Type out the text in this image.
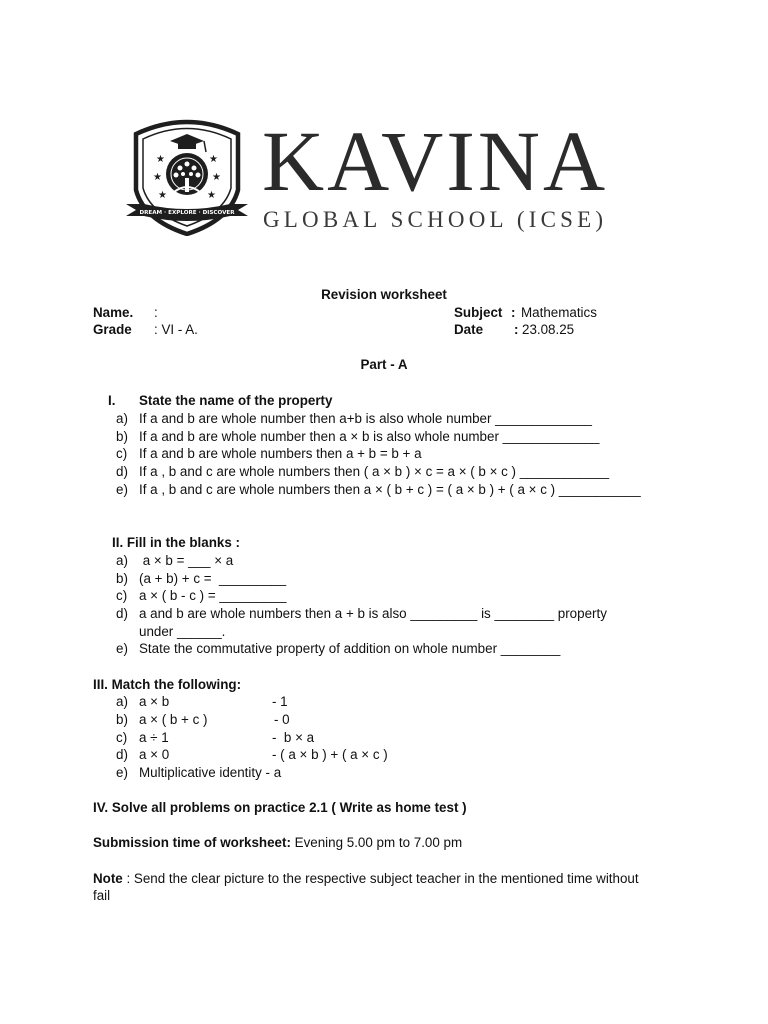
★	★
★	★
★	★
DREAM · EXPLORE · DISCOVER
KAVINA
GLOBAL SCHOOL (ICSE)
Revision worksheet
Name. :	Subject : Mathematics
Grade : VI - A.	Date : 23.08.25
Part - A
I. State the name of the property
a) If a and b are whole number then a+b is also whole number _____________
b) If a and b are whole number then a × b is also whole number _____________
c) If a and b are whole numbers then a + b = b + a
d) If a , b and c are whole numbers then ( a × b ) × c = a × ( b × c ) ____________
e) If a , b and c are whole numbers then a × ( b + c ) = ( a × b ) + ( a × c ) ___________
II. Fill in the blanks :
a) a × b = ___ × a
b) (a + b) + c =  _________
c) a × ( b - c ) = _________
d) a and b are whole numbers then a + b is also _________ is ________ property
under ______.
e) State the commutative property of addition on whole number ________
III. Match the following:
a) a × b	- 1
b) a × ( b + c )	- 0
c) a ÷ 1	-  b × a
d) a × 0	- ( a × b ) + ( a × c )
e) Multiplicative identity - a
IV. Solve all problems on practice 2.1 ( Write as home test )
Submission time of worksheet: Evening 5.00 pm to 7.00 pm
Note : Send the clear picture to the respective subject teacher in the mentioned time without
fail
